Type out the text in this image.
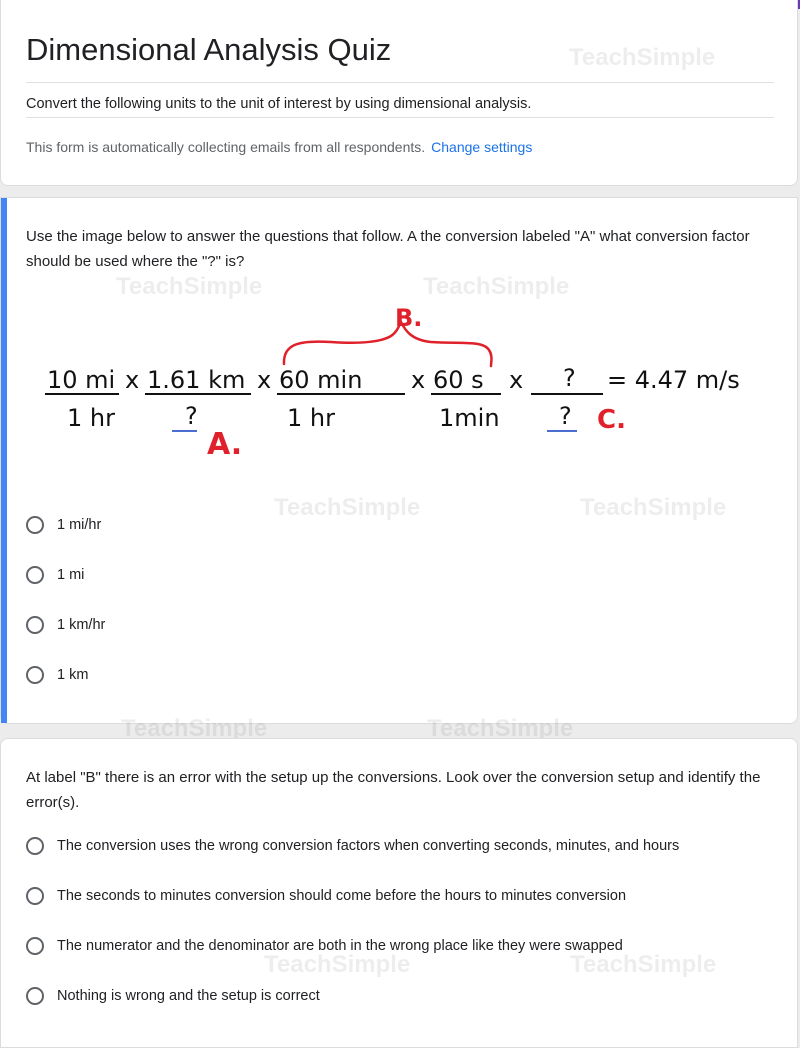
Dimensional Analysis Quiz
Convert the following units to the unit of interest by using dimensional analysis.
This form is automatically collecting emails from all respondents. Change settings
TeachSimple
Use the image below to answer the questions that follow. A the conversion labeled "A" what conversion factor should be used where the "?" is?
10 mi
1 hr
x 1.61 km
?
x 60 min
1 hr
x 60 s
1min
x ?
?
= 4.47 m/s
A.
B.
C.
1 mi/hr
1 mi
1 km/hr
1 km
TeachSimple	TeachSimple
TeachSimple	TeachSimple
TeachSimple	TeachSimple
At label "B" there is an error with the setup up the conversions. Look over the conversion setup and identify the error(s).
The conversion uses the wrong conversion factors when converting seconds, minutes, and hours
The seconds to minutes conversion should come before the hours to minutes conversion
The numerator and the denominator are both in the wrong place like they were swapped
Nothing is wrong and the setup is correct
TeachSimple	TeachSimple
